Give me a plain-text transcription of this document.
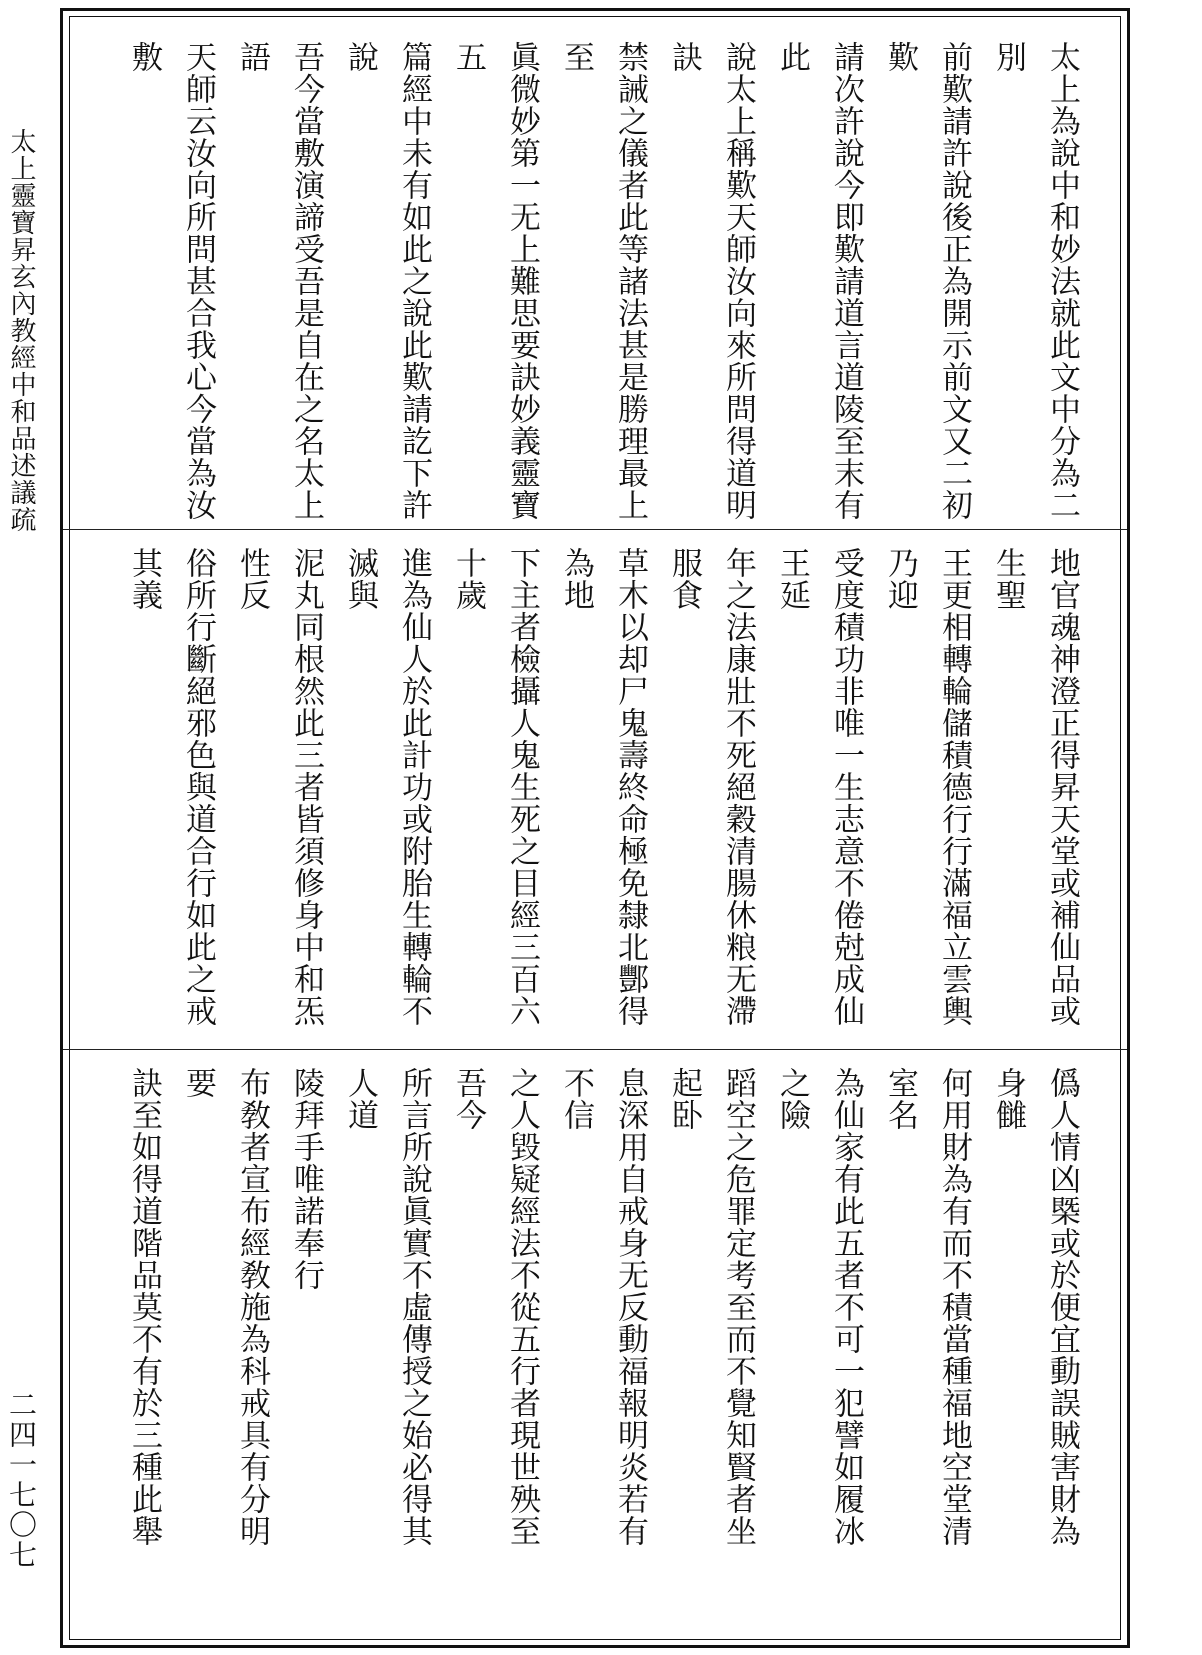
太上靈寶昇玄內教經中和品述議疏
二四一七〇七

太上為說中和妙法就此文中分為二別

前歎請許說後正為開示前文又二初歎

請次許說今即歎請道言道陵至末有此

說太上稱歎天師汝向來所問得道明訣

禁誡之儀者此等諸法甚是勝理最上至

眞微妙第一无上難思要訣妙義靈寶五

篇經中未有如此之說此歎請訖下許說

吾今當敷演諦受吾是自在之名太上語

天師云汝向所問甚合我心今當為汝敷

地官魂神澄正得昇天堂或補仙品或生聖

王更相轉輪儲積德行行滿福立雲輿乃迎

受度積功非唯一生志意不倦尅成仙王延

年之法康壯不死絕穀清腸休粮无滯服食

草木以却尸鬼壽終命極免隸北酆得為地

下主者檢攝人鬼生死之目經三百六十歲

進為仙人於此計功或附胎生轉輪不滅與

泥丸同根然此三者皆須修身中和炁性反

俗所行斷絕邪色與道合行如此之戒其義

僞人情凶槩或於便宜動誤賊害財為身雠

何用財為有而不積當種福地空堂清室名

為仙家有此五者不可一犯譬如履冰之險

蹈空之危罪定考至而不覺知賢者坐起卧

息深用自戒身无反動福報明炎若有不信

之人毀疑經法不從五行者現世殃至吾今

所言所說眞實不虛傳授之始必得其人道

陵拜手唯諾奉行

布敎者宣布經敎施為科戒具有分明要

訣至如得道階品莫不有於三種此舉
